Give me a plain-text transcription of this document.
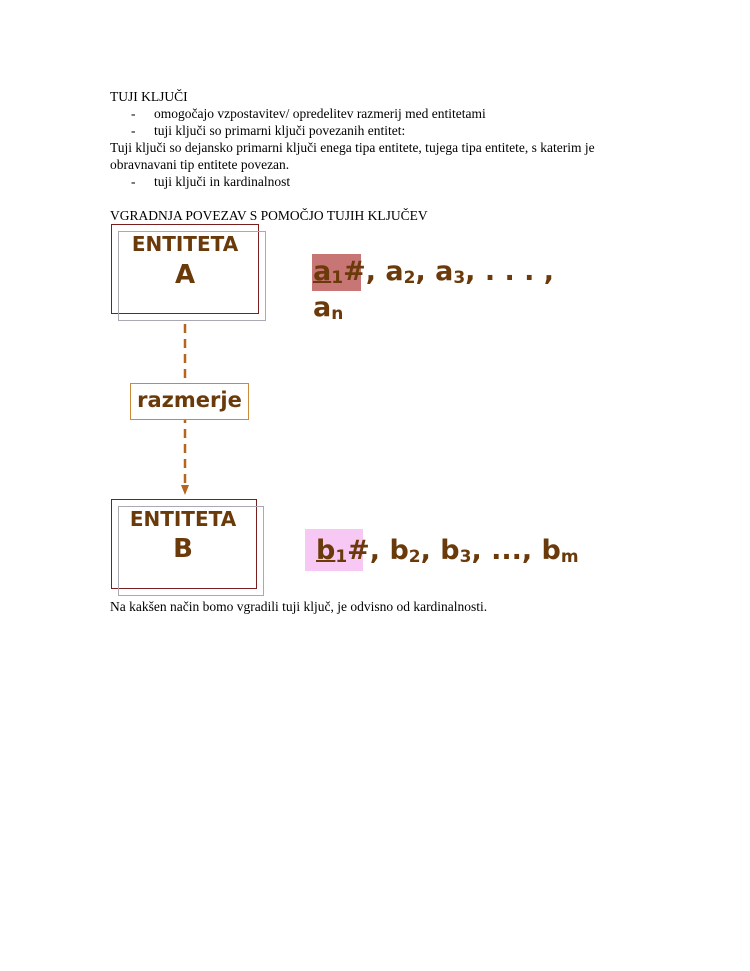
TUJI KLJUČI
- omogočajo vzpostavitev/ opredelitev razmerij med entitetami
- tuji ključi so primarni ključi povezanih entitet:
Tuji ključi so dejansko primarni ključi enega tipa entitete, tujega tipa entitete, s katerim je
obravnavani tip entitete povezan.
- tuji ključi in kardinalnost
VGRADNJA POVEZAV S POMOČJO TUJIH KLJUČEV
ENTITETA
A	$a_1\#$, $a_2$, $a_3$, . . . ,
$a_n$
razmerje
ENTITETA
B	$b_1\#$, $b_2$, $b_3$, ..., $b_m$
Na kakšen način bomo vgradili tuji ključ, je odvisno od kardinalnosti.
